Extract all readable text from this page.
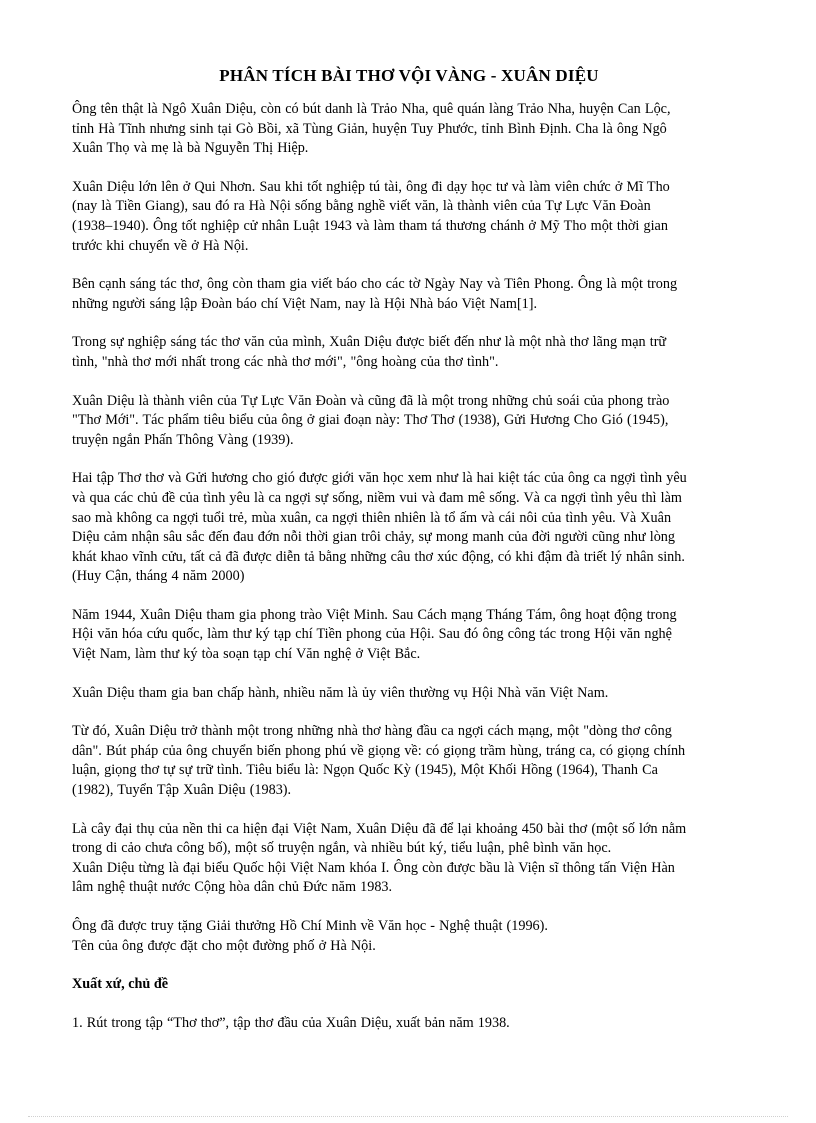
PHÂN TÍCH BÀI THƠ VỘI VÀNG - XUÂN DIỆU
Ông tên thật là Ngô Xuân Diệu, còn có bút danh là Trảo Nha, quê quán làng Trảo Nha, huyện Can Lộc,
tỉnh Hà Tĩnh nhưng sinh tại Gò Bồi, xã Tùng Giản, huyện Tuy Phước, tỉnh Bình Định. Cha là ông Ngô
Xuân Thọ và mẹ là bà Nguyễn Thị Hiệp.
Xuân Diệu lớn lên ở Qui Nhơn. Sau khi tốt nghiệp tú tài, ông đi dạy học tư và làm viên chức ở Mĩ Tho
(nay là Tiền Giang), sau đó ra Hà Nội sống bằng nghề viết văn, là thành viên của Tự Lực Văn Đoàn
(1938–1940). Ông tốt nghiệp cử nhân Luật 1943 và làm tham tá thương chánh ở Mỹ Tho một thời gian
trước khi chuyển về ở Hà Nội.
Bên cạnh sáng tác thơ, ông còn tham gia viết báo cho các tờ Ngày Nay và Tiên Phong. Ông là một trong
những người sáng lập Đoàn báo chí Việt Nam, nay là Hội Nhà báo Việt Nam[1].
Trong sự nghiệp sáng tác thơ văn của mình, Xuân Diệu được biết đến như là một nhà thơ lãng mạn trữ
tình, "nhà thơ mới nhất trong các nhà thơ mới", "ông hoàng của thơ tình".
Xuân Diệu là thành viên của Tự Lực Văn Đoàn và cũng đã là một trong những chủ soái của phong trào
"Thơ Mới". Tác phẩm tiêu biểu của ông ở giai đoạn này: Thơ Thơ (1938), Gửi Hương Cho Gió (1945),
truyện ngắn Phấn Thông Vàng (1939).
Hai tập Thơ thơ và Gửi hương cho gió được giới văn học xem như là hai kiệt tác của ông ca ngợi tình yêu
và qua các chủ đề của tình yêu là ca ngợi sự sống, niềm vui và đam mê sống. Và ca ngợi tình yêu thì làm
sao mà không ca ngợi tuổi trẻ, mùa xuân, ca ngợi thiên nhiên là tổ ấm và cái nôi của tình yêu. Và Xuân
Diệu cảm nhận sâu sắc đến đau đớn nỗi thời gian trôi chảy, sự mong manh của đời người cũng như lòng
khát khao vĩnh cửu, tất cả đã được diễn tả bằng những câu thơ xúc động, có khi đậm đà triết lý nhân sinh.
(Huy Cận, tháng 4 năm 2000)
Năm 1944, Xuân Diệu tham gia phong trào Việt Minh. Sau Cách mạng Tháng Tám, ông hoạt động trong
Hội văn hóa cứu quốc, làm thư ký tạp chí Tiền phong của Hội. Sau đó ông công tác trong Hội văn nghệ
Việt Nam, làm thư ký tòa soạn tạp chí Văn nghệ ở Việt Bắc.
Xuân Diệu tham gia ban chấp hành, nhiều năm là ủy viên thường vụ Hội Nhà văn Việt Nam.
Từ đó, Xuân Diệu trở thành một trong những nhà thơ hàng đầu ca ngợi cách mạng, một "dòng thơ công
dân". Bút pháp của ông chuyển biến phong phú về giọng về: có giọng trầm hùng, tráng ca, có giọng chính
luận, giọng thơ tự sự trữ tình. Tiêu biểu là: Ngọn Quốc Kỳ (1945), Một Khối Hồng (1964), Thanh Ca
(1982), Tuyển Tập Xuân Diệu (1983).
Là cây đại thụ của nền thi ca hiện đại Việt Nam, Xuân Diệu đã để lại khoảng 450 bài thơ (một số lớn nằm
trong di cảo chưa công bố), một số truyện ngắn, và nhiều bút ký, tiểu luận, phê bình văn học.
Xuân Diệu từng là đại biểu Quốc hội Việt Nam khóa I. Ông còn được bầu là Viện sĩ thông tấn Viện Hàn
lâm nghệ thuật nước Cộng hòa dân chủ Đức năm 1983.
Ông đã được truy tặng Giải thưởng Hồ Chí Minh về Văn học - Nghệ thuật (1996).
Tên của ông được đặt cho một đường phố ở Hà Nội.
Xuất xứ, chủ đề
1. Rút trong tập “Thơ thơ”, tập thơ đầu của Xuân Diệu, xuất bản năm 1938.
